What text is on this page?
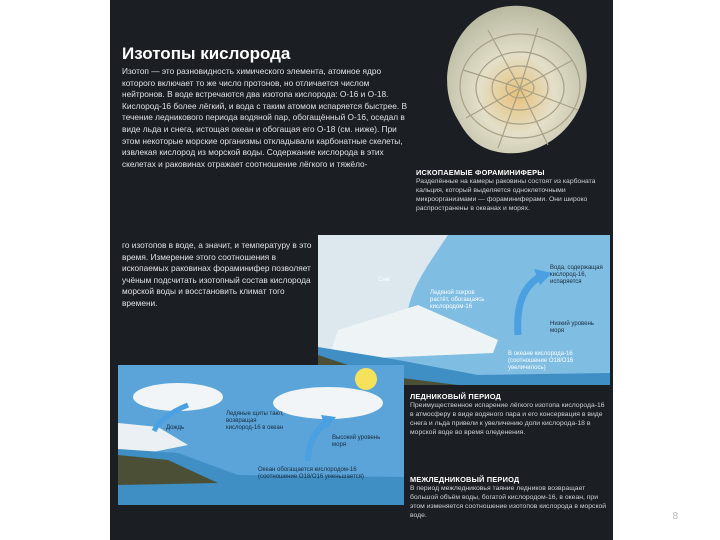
Изотопы кислорода
Изотоп — это разновидность химического элемента, атомное ядро которого включает то же число протонов, но отличается числом нейтронов. В воде встречаются два изотопа кислорода: О-16 и О-18. Кислород-16 более лёгкий, и вода с таким атомом испаряется быстрее. В течение ледникового периода водяной пар, обогащённый О-16, оседал в виде льда и снега, истощая океан и обогащая его О-18 (см. ниже). При этом некоторые морские организмы откладывали карбонатные скелеты, извлекая кислород из морской воды. Содержание кислорода в этих скелетах и раковинах отражает соотношение лёгкого и тяжёло-
го изотопов в воде, а значит, и температуру в это время. Измерение этого соотношения в ископаемых раковинах фораминифер позволяет учёным подсчитать изотопный состав кислорода морской воды и восстановить климат того времени.
ИСКОПАЕМЫЕ ФОРАМИНИФЕРЫ
Разделённые на камеры раковины состоят из карбоната кальция, который выделяется одноклеточными микроорганизмами — фораминиферами. Они широко распространены в океанах и морях.
Снег
Ледяной покров растёт, обогащаясь кислородом-16
Вода, содержащая кислород-16, испаряется
Низкий уровень моря
В океане кислорода-16 (соотношение O18/O16 увеличилось)
Дождь
Ледяные щиты тают, возвращая кислород-16 в океан
Высокий уровень моря
Океан обогащается кислородом-16 (соотношение O18/O16 уменьшается)
ЛЕДНИКОВЫЙ ПЕРИОД
Преимущественное испарение лёгкого изотопа кислорода-16 в атмосферу в виде водяного пара и его консервация в виде снега и льда привели к увеличению доли кислорода-18 в морской воде во время оледенения.
МЕЖЛЕДНИКОВЫЙ ПЕРИОД
В период межледниковья таяние ледников возвращает большой объём воды, богатой кислородом-16, в океан, при этом изменяется соотношение изотопов кислорода в морской воде.	8
